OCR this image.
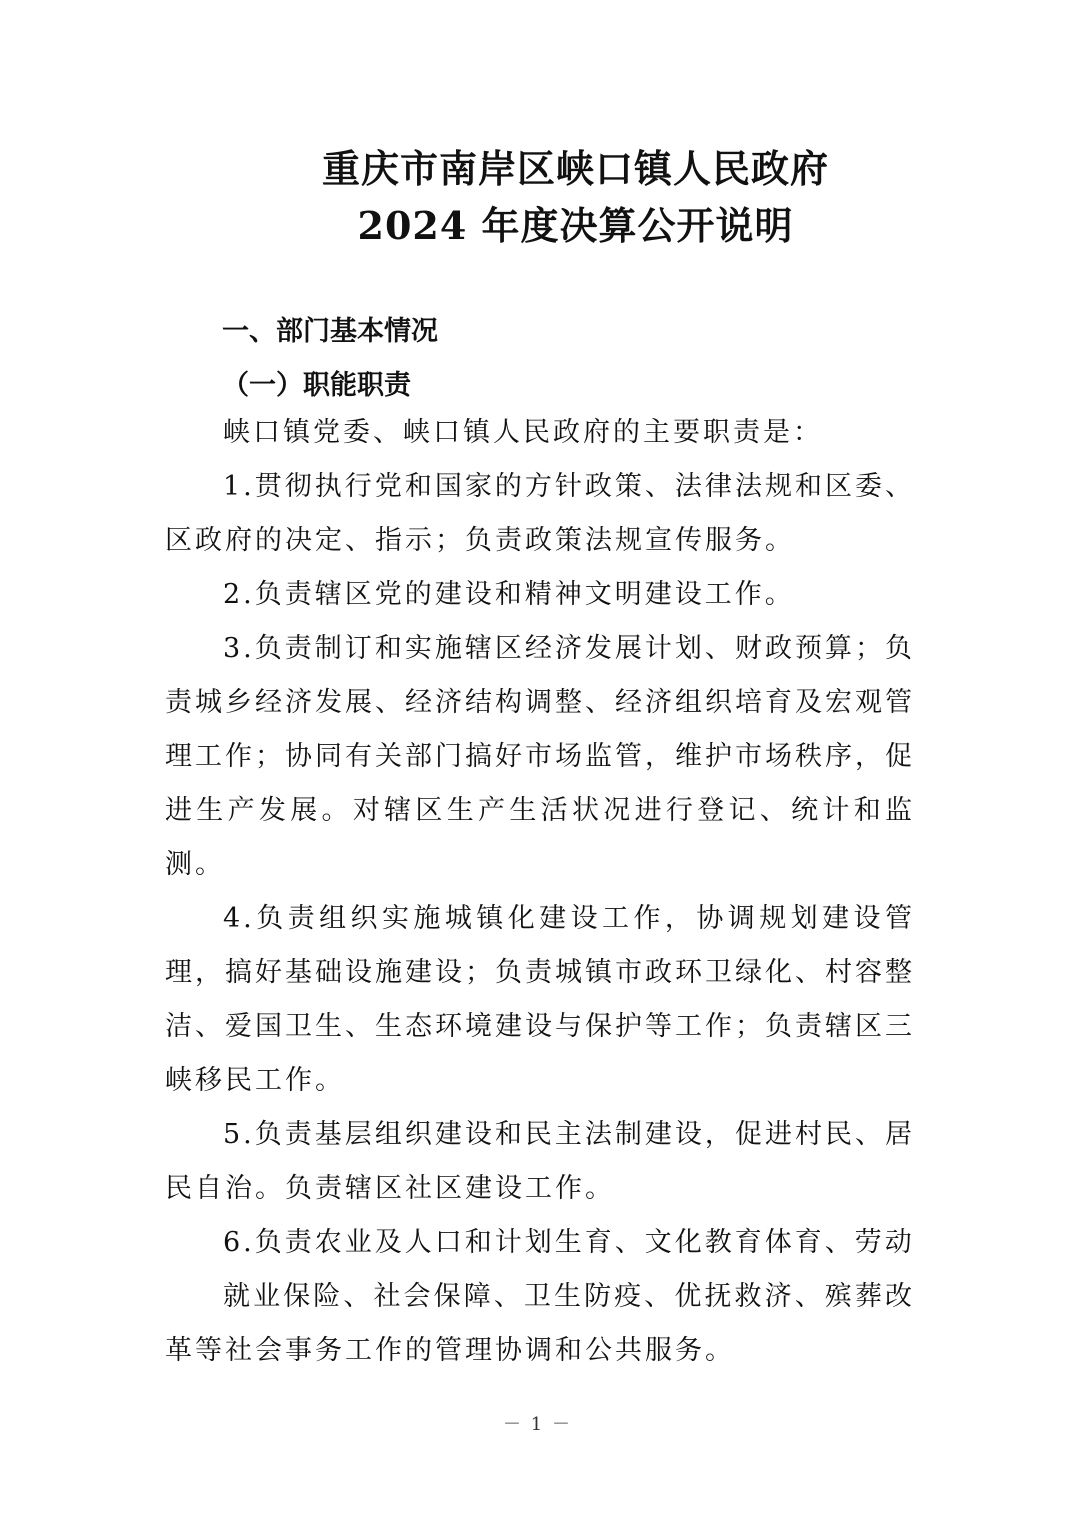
重庆市南岸区峡口镇人民政府
2024 年度决算公开说明
一、部门基本情况
（一）职能职责

峡口镇党委、峡口镇人民政府的主要职责是：

1.贯彻执行党和国家的方针政策、法律法规和区委、区政府的决定、指示；负责政策法规宣传服务。

2.负责辖区党的建设和精神文明建设工作。

3.负责制订和实施辖区经济发展计划、财政预算；负责城乡经济发展、经济结构调整、经济组织培育及宏观管理工作；协同有关部门搞好市场监管，维护市场秩序，促进生产发展。对辖区生产生活状况进行登记、统计和监测。

4.负责组织实施城镇化建设工作，协调规划建设管理，搞好基础设施建设；负责城镇市政环卫绿化、村容整洁、爱国卫生、生态环境建设与保护等工作；负责辖区三峡移民工作。

5.负责基层组织建设和民主法制建设，促进村民、居民自治。负责辖区社区建设工作。

6.负责农业及人口和计划生育、文化教育体育、劳动

就业保险、社会保障、卫生防疫、优抚救济、殡葬改革等社会事务工作的管理协调和公共服务。

－ 1 －
